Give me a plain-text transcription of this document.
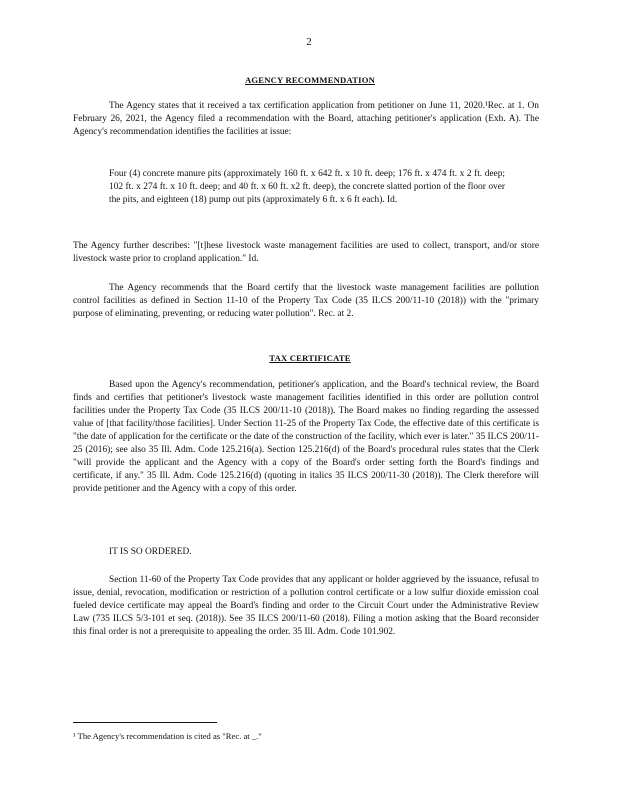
2
AGENCY RECOMMENDATION

The Agency states that it received a tax certification application from petitioner on June 11, 2020.¹Rec. at 1. On February 26, 2021, the Agency filed a recommendation with the Board, attaching petitioner's application (Exh. A). The Agency's recommendation identifies the facilities at issue:

Four (4) concrete manure pits (approximately 160 ft. x 642 ft. x 10 ft. deep; 176 ft. x 474 ft. x 2 ft. deep; 102 ft. x 274 ft. x 10 ft. deep; and 40 ft. x 60 ft. x2 ft. deep), the concrete slatted portion of the floor over the pits, and eighteen (18) pump out pits (approximately 6 ft. x 6 ft each). Id.

The Agency further describes: "[t]hese livestock waste management facilities are used to collect, transport, and/or store livestock waste prior to cropland application." Id.

The Agency recommends that the Board certify that the livestock waste management facilities are pollution control facilities as defined in Section 11-10 of the Property Tax Code (35 ILCS 200/11-10 (2018)) with the "primary purpose of eliminating, preventing, or reducing water pollution". Rec. at 2.

TAX CERTIFICATE

Based upon the Agency's recommendation, petitioner's application, and the Board's technical review, the Board finds and certifies that petitioner's livestock waste management facilities identified in this order are pollution control facilities under the Property Tax Code (35 ILCS 200/11-10 (2018)). The Board makes no finding regarding the assessed value of [that facility/those facilities]. Under Section 11-25 of the Property Tax Code, the effective date of this certificate is "the date of application for the certificate or the date of the construction of the facility, which ever is later." 35 ILCS 200/11-25 (2016); see also 35 Ill. Adm. Code 125.216(a). Section 125.216(d) of the Board's procedural rules states that the Clerk "will provide the applicant and the Agency with a copy of the Board's order setting forth the Board's findings and certificate, if any." 35 Ill. Adm. Code 125.216(d) (quoting in italics 35 ILCS 200/11-30 (2018)). The Clerk therefore will provide petitioner and the Agency with a copy of this order.

IT IS SO ORDERED.

Section 11-60 of the Property Tax Code provides that any applicant or holder aggrieved by the issuance, refusal to issue, denial, revocation, modification or restriction of a pollution control certificate or a low sulfur dioxide emission coal fueled device certificate may appeal the Board's finding and order to the Circuit Court under the Administrative Review Law (735 ILCS 5/3-101 et seq. (2018)). See 35 ILCS 200/11-60 (2018). Filing a motion asking that the Board reconsider this final order is not a prerequisite to appealing the order. 35 Ill. Adm. Code 101.902.

¹ The Agency's recommendation is cited as "Rec. at _."
